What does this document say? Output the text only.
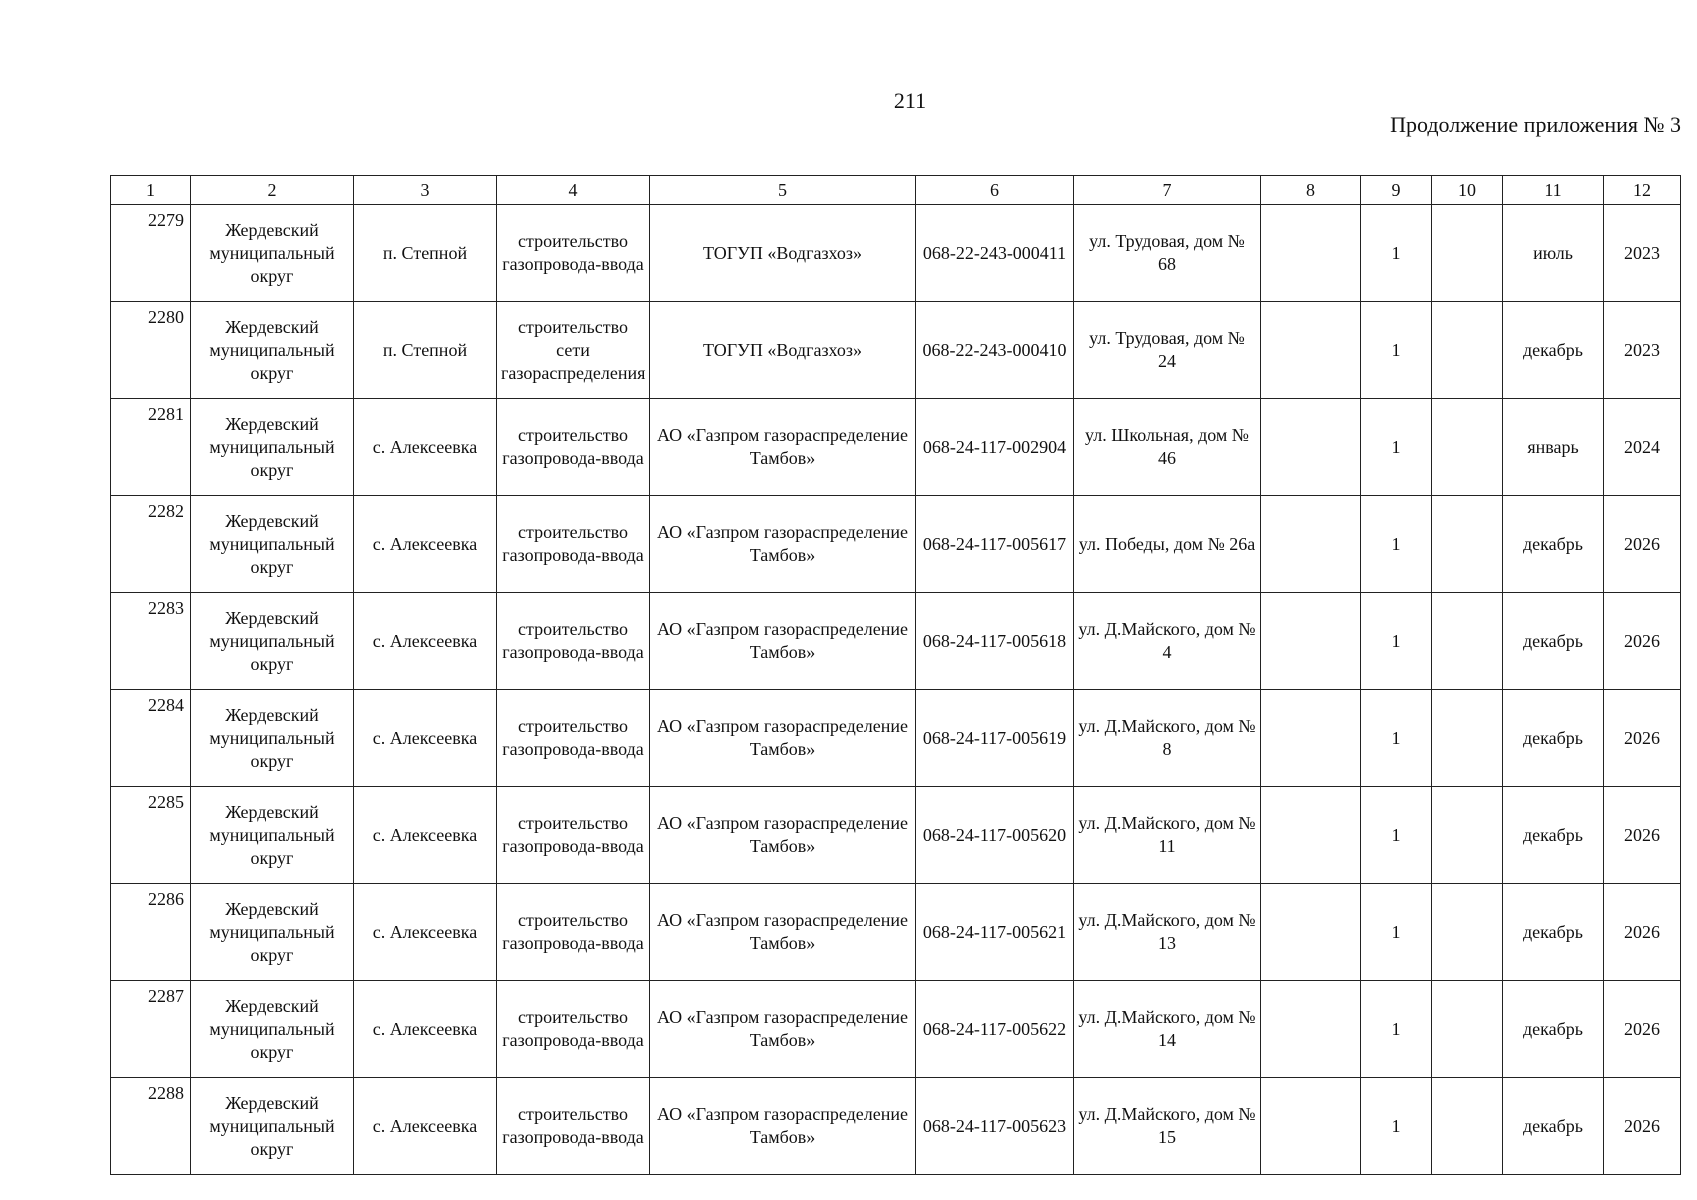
211
Продолжение приложения № 3
1	2	3	4	5	6	7	8	9	10	11	12
2279	Жердевский муниципальный округ	п. Степной	строительство газопровода-ввода	ТОГУП «Водгазхоз»	068-22-243-000411	ул. Трудовая, дом № 68		1		июль	2023
2280	Жердевский муниципальный округ	п. Степной	строительство сети газораспределения	ТОГУП «Водгазхоз»	068-22-243-000410	ул. Трудовая, дом № 24		1		декабрь	2023
2281	Жердевский муниципальный округ	с. Алексеевка	строительство газопровода-ввода	АО «Газпром газораспределение Тамбов»	068-24-117-002904	ул. Школьная, дом № 46		1		январь	2024
2282	Жердевский муниципальный округ	с. Алексеевка	строительство газопровода-ввода	АО «Газпром газораспределение Тамбов»	068-24-117-005617	ул. Победы, дом № 26а		1		декабрь	2026
2283	Жердевский муниципальный округ	с. Алексеевка	строительство газопровода-ввода	АО «Газпром газораспределение Тамбов»	068-24-117-005618	ул. Д.Майского, дом № 4		1		декабрь	2026
2284	Жердевский муниципальный округ	с. Алексеевка	строительство газопровода-ввода	АО «Газпром газораспределение Тамбов»	068-24-117-005619	ул. Д.Майского, дом № 8		1		декабрь	2026
2285	Жердевский муниципальный округ	с. Алексеевка	строительство газопровода-ввода	АО «Газпром газораспределение Тамбов»	068-24-117-005620	ул. Д.Майского, дом № 11		1		декабрь	2026
2286	Жердевский муниципальный округ	с. Алексеевка	строительство газопровода-ввода	АО «Газпром газораспределение Тамбов»	068-24-117-005621	ул. Д.Майского, дом № 13		1		декабрь	2026
2287	Жердевский муниципальный округ	с. Алексеевка	строительство газопровода-ввода	АО «Газпром газораспределение Тамбов»	068-24-117-005622	ул. Д.Майского, дом № 14		1		декабрь	2026
2288	Жердевский муниципальный округ	с. Алексеевка	строительство газопровода-ввода	АО «Газпром газораспределение Тамбов»	068-24-117-005623	ул. Д.Майского, дом № 15		1		декабрь	2026
